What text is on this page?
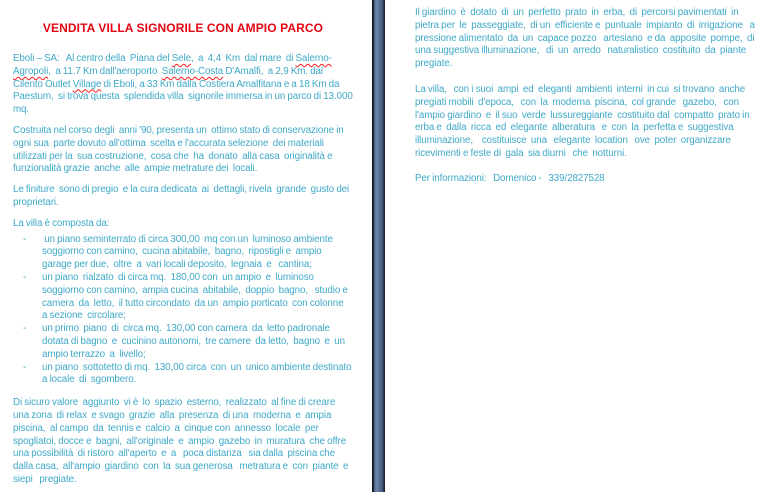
VENDITA VILLA SIGNORILE CON AMPIO PARCO

Eboli – SA:   Al centro della  Piana del Sele,  a  4,4  Km  dal mare  di Salerno-Agropoli,  a 11.7 Km dall'aeroporto  Salerno-Costa D'Amalfi,  a 2,9 Km. dal Cilento Outlet Village di Eboli, a 33 Km dalla Costiera Amalfitana e a 18 Km da Paestum,  si trova questa  splendida villa  signorile immersa in un parco di 13.000 mq.

Costruita nel corso degli  anni '90, presenta un  ottimo stato di conservazione in ogni sua  parte dovuto all'ottima  scelta e l'accurata selezione  dei materiali utilizzati per la  sua costruzione,  cosa che  ha  donato  alla casa  originalità e funzionalità grazie  anche  alle  ampie metrature dei  locali.

Le finiture  sono di pregio  e la cura dedicata  ai  dettagli, rivela  grande  gusto dei proprietari.

La villa è composta da:

-	un piano seminterrato di circa 300,00  mq con un  luminoso ambiente soggiorno con camino,  cucina abitabile,  bagno,  ripostigli e  ampio garage per due,  oltre  a  vari locali deposito,  legnaia  e   cantina;
-	un piano  rialzato  di circa mq.  180,00 con  un ampio  e  luminoso soggiorno con camino,  ampia cucina  abitabile,  doppio  bagno,   studio e camera  da  letto,  il tutto circondato  da un  ampio porticato  con colonne  a sezione  circolare;
-	un primo  piano  di  circa mq.  130,00 con camera  da  letto padronale dotata di bagno  e  cucinino autonomi,  tre camere  da letto,  bagno  e  un ampio terrazzo  a  livello;
-	un piano  sottotetto di mq.  130,00 circa  con  un  unico ambiente destinato  a locale  di  sgombero.

Di sicuro valore  aggiunto  vi è  lo  spazio  esterno,  realizzato  al fine di creare una zona  di relax  e svago  grazie  alla  presenza  di una  moderna  e  ampia piscina,  al campo  da  tennis e  calcio  a  cinque con  annesso  locale  per spogliatoi, docce e  bagni,  all'originale  e  ampio  gazebo  in  muratura  che offre una possibilità  di ristoro  all'aperto  e  a   poca distanza   sia dalla  piscina che dalla casa,  all'ampio  giardino  con  la  sua generosa   metratura e  con  piante  e siepi   pregiate.

Il giardino  è  dotato  di  un  perfetto  prato  in  erba,  di  percorsi pavimentati  in pietra per  le  passeggiate,  di un  efficiente e  puntuale  impianto  di  irrigazione   a pressione alimentato  da  un  capace pozzo   artesiano  e da  apposite  pompe,  di una suggestiva illuminazione,   di  un  arredo   naturalistico  costituito  da  piante pregiate.

La villa,   con i suoi  ampi  ed  eleganti  ambienti  interni  in cui  si trovano  anche pregiati mobili  d'epoca,   con  la  moderna  piscina,  col grande   gazebo,   con l'ampio giardino  e  il suo  verde  lussureggiante  costituito dal  compatto  prato in erba e  dalla  ricca  ed  elegante  alberatura   e  con  la  perfetta e  suggestiva illuminazione,    costituisce  una   elegante  location   ove  poter  organizzare ricevimenti e feste di  gala  sia diurni   che  notturni.

Per informazioni:   Domenico -   339/2827528
